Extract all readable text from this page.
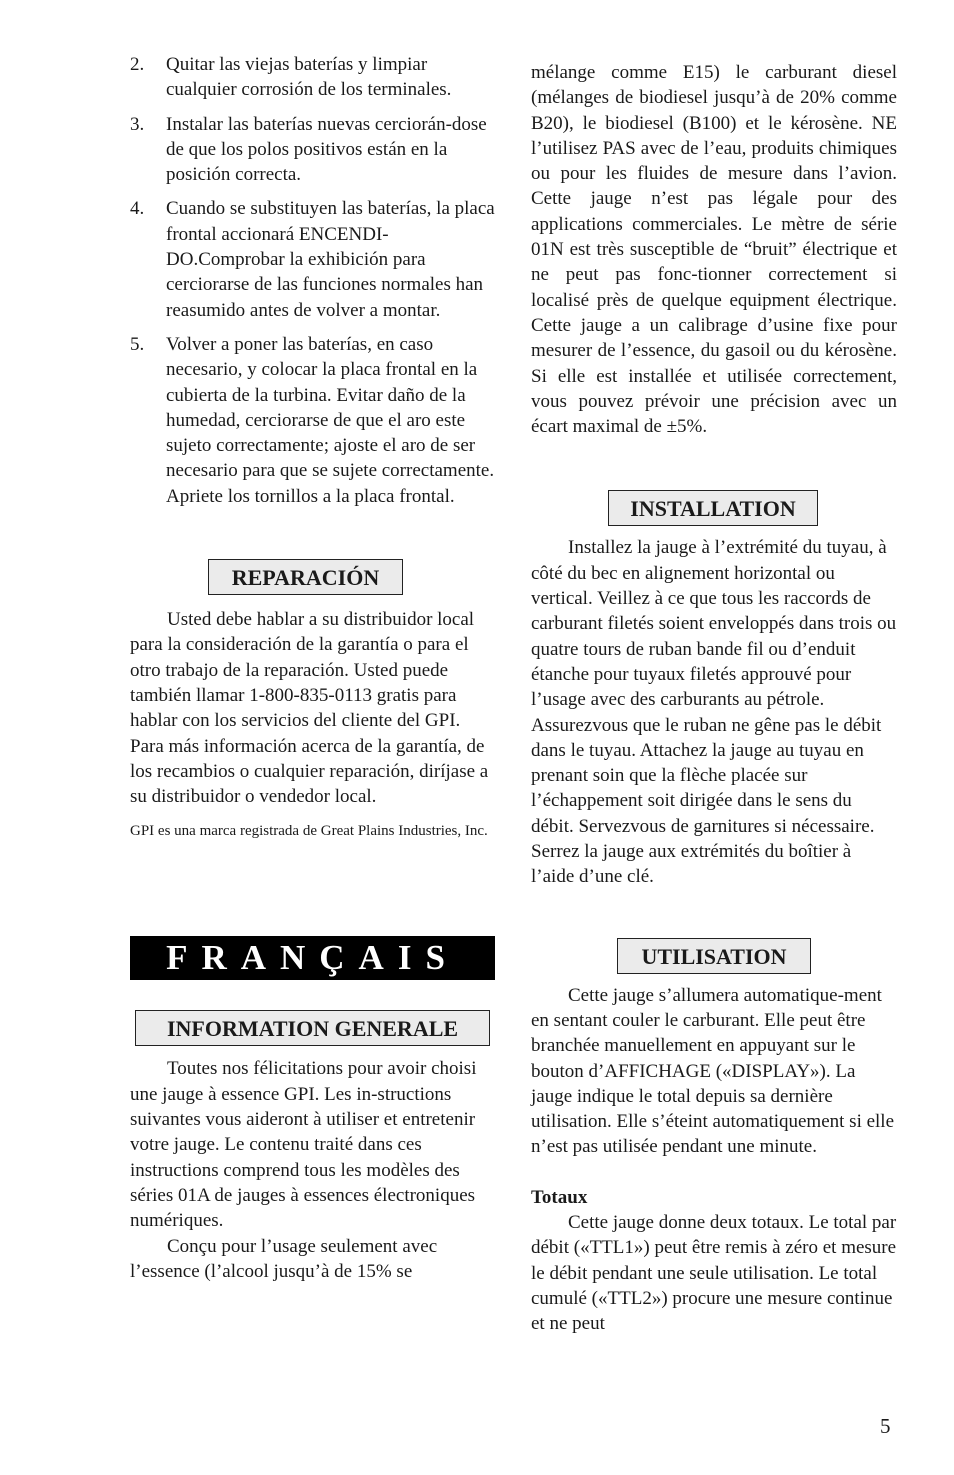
2.	Quitar las viejas baterías y limpiar cualquier corrosión de los terminales.
3.	Instalar las baterías nuevas cerciorán-dose de que los polos positivos están en la posición correcta.
4.	Cuando se substituyen las baterías, la placa frontal accionará ENCENDI-DO.Comprobar la exhibición para cerciorarse de las funciones normales han reasumido antes de volver a montar.
5.	Volver a poner las baterías, en caso necesario, y colocar la placa frontal en la cubierta de la turbina. Evitar daño de la humedad, cerciorarse de que el aro este sujeto correctamente; ajoste el aro de ser necesario para que se sujete correctamente. Apriete los tornillos a la placa frontal.
REPARACIÓN

Usted debe hablar a su distribuidor local para la consideración de la garantía o para el otro trabajo de la reparación. Usted puede también llamar 1-800-835-0113 gratis para hablar con los servicios del cliente del GPI. Para más información acerca de la garantía, de los recambios o cualquier reparación, diríjase a su distribuidor o vendedor local.

GPI es una marca registrada de Great Plains Industries, Inc.

FRANÇAIS
INFORMATION GENERALE

Toutes nos félicitations pour avoir choisi une jauge à essence GPI. Les in-structions suivantes vous aideront à utiliser et entretenir votre jauge. Le contenu traité dans ces instructions comprend tous les modèles des séries 01A de jauges à essences électroniques numériques.

Conçu pour l’usage seulement avec l’essence (l’alcool jusqu’à de 15% se

mélange comme E15) le carburant diesel (mélanges de biodiesel jusqu’à de 20% comme B20), le biodiesel (B100) et le kérosène. NE l’utilisez PAS avec de l’eau, produits chimiques ou pour les fluides de mesure dans l’avion. Cette jauge n’est pas légale pour des applications commerciales. Le mètre de série 01N est très susceptible de “bruit” électrique et ne peut pas fonc-tionner correctement si localisé près de quelque equipment électrique. Cette jauge a un calibrage d’usine fixe pour mesurer de l’essence, du gasoil ou du kérosène. Si elle est installée et utilisée correctement, vous pouvez prévoir une précision avec un écart maximal de ±5%.

INSTALLATION

Installez la jauge à l’extrémité du tuyau, à côté du bec en alignement horizontal ou vertical. Veillez à ce que tous les raccords de carburant filetés soient enveloppés dans trois ou quatre tours de ruban bande fil ou d’enduit étanche pour tuyaux filetés approuvé pour l’usage avec des carburants au pétrole. Assurezvous que le ruban ne gêne pas le débit dans le tuyau. Attachez la jauge au tuyau en prenant soin que la flèche placée sur l’échappement soit dirigée dans le sens du débit. Servezvous de garnitures si nécessaire. Serrez la jauge aux extrémités du boîtier à l’aide d’une clé.

UTILISATION

Cette jauge s’allumera automatique-ment en sentant couler le carburant. Elle peut être branchée manuellement en appuyant sur le bouton d’AFFICHAGE («DISPLAY»). La jauge indique le total depuis sa dernière utilisation. Elle s’éteint automatiquement si elle n’est pas utilisée pendant une minute.

Totaux

Cette jauge donne deux totaux. Le total par débit («TTL1») peut être remis à zéro et mesure le débit pendant une seule utilisation. Le total cumulé («TTL2») procure une mesure continue et ne peut

5
